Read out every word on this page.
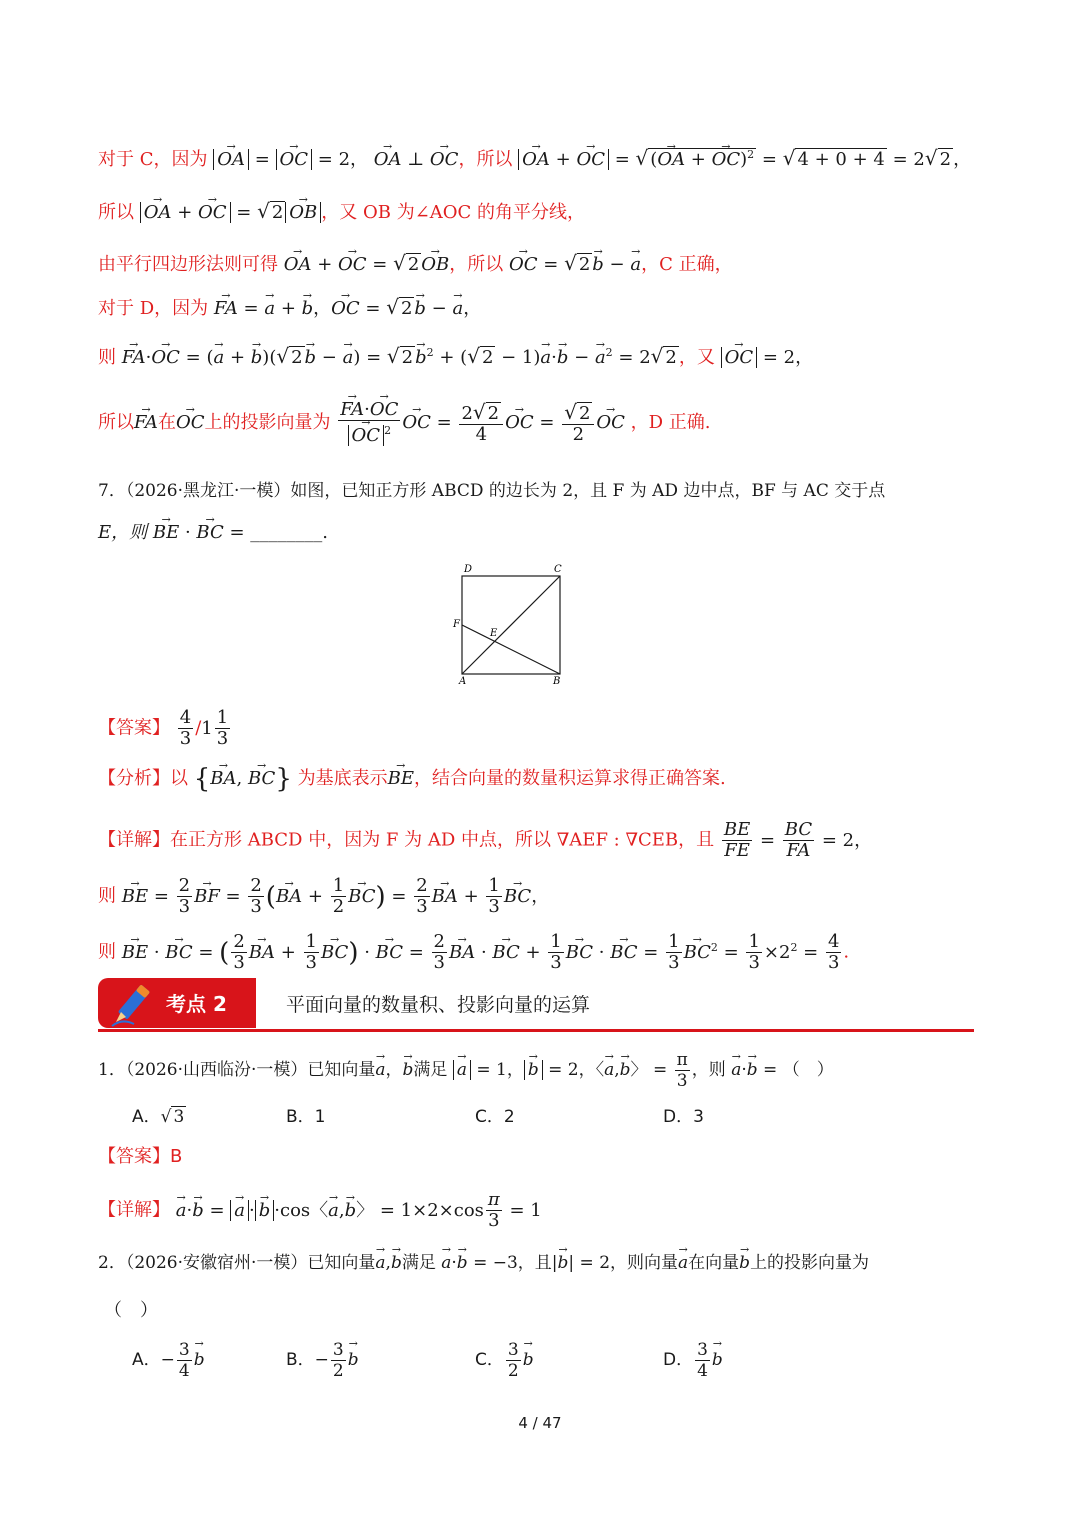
对于 C，因为 → OA = → OC = 2， → OA ⊥ → OC，所以 → OA + → OC = √ (→ OA + → OC)$^2$ = √ 4 + 0 + 4 = 2√ 2 ，
所以 → OA + → OC = √ 2→ OB ，又 OB 为∠AOC 的角平分线，
由平行四边形法则可得 → OA + → OC = √ 2→ OB，所以 → OC = √ 2→ b − → a，C 正确，
对于 D，因为 → FA = → a + → b，→ OC = √ 2→ b − → a，
则 → FA·→ OC = (→ a + → b)(√ 2→ b − → a) = √ $2\to b^2$ + (√ 2 − 1)→ a·→ b − → $a^2 = 2√$ 2 ，又 → OC = 2，
所以→ FA在→ OC上的投影向量为
→ FA·→ OC
→ OC $^2$
→ OC = $\frac{2√ 2}{4}$
→ OC = $\frac{√ 2}{2}$
→ OC ，D 正确.
7．（2026·黑龙江·一模）如图，已知正方形 ABCD 的边长为 2，且 F 为 AD 边中点，BF 与 AC 交于点
E，则 → BE · → BC = ________.
D	C
F
E
A	B
【答案】 $\frac{4}{3} /1 \frac{1}{3}$
【分析】以 {→ BA, → BC} 为基底表示→ BE，结合向量的数量积运算求得正确答案.
【详解】在正方形 ABCD 中，因为 F 为 AD 中点，所以 ∇AEF : ∇CEB，且 $\frac{BE}{FE} = \frac{BC}{FA} = 2$，
则 → BE = $\frac{2}{3}$
→ BF = $\frac{2}{3}$ (→ BA + $\frac{1}{2}$
→ $BC) = \frac{2}{3}$
→ BA + $\frac{1}{3}$
→ BC，
则 → BE · → BC = ( $\frac{2}{3}$
→ BA + $\frac{1}{3}$
→ BC) · → BC = $\frac{2}{3}$
→ BA · → BC + $\frac{1}{3}$
→ BC · → BC = $\frac{1}{3}$
→ $BC^2 = \frac{1}{3} \times 2^2 = \frac{4}{3}$ .
考点 2	平面向量的数量积、投影向量的运算
1．（2026·山西临汾·一模）已知向量→ a，→ b满足 → a = 1，→ b = 2，〈→ a,→ b〉 = $\frac{\pi}{3}$ ，则 → a·→ b = （　）
A．√ 3	B．1	C．2	D．3
【答案】B
【详解】 → a·→ b = → a ·→ b ·cos〈→ a,→ b〉 = $1\times 2\times\cos \frac{\pi}{3} = 1$
2．（2026·安徽宿州·一模）已知向量→ a,→ b满足 → a·→ b = −3，且|→ b| = 2，则向量→ a在向量→ b上的投影向量为
（　）
A．− $\frac{3}{4}$
→ b	B．− $\frac{3}{2}$
→ b	C． $\frac{3}{2}$
→ b	D． $\frac{3}{4}$
→ b
4 / 47
